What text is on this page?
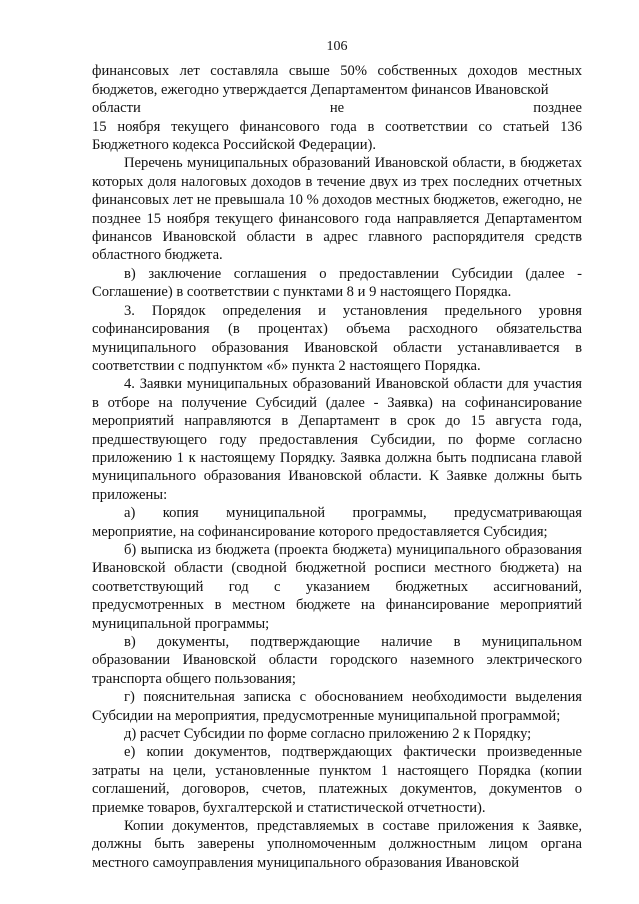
106

финансовых лет составляла свыше 50% собственных доходов местных бюджетов, ежегодно утверждается Департаментом финансов Ивановской

области	не	позднее

15 ноября текущего финансового года в соответствии со статьей 136 Бюджетного кодекса Российской Федерации).

Перечень муниципальных образований Ивановской области, в бюджетах которых доля налоговых доходов в течение двух из трех последних отчетных финансовых лет не превышала 10 % доходов местных бюджетов, ежегодно, не позднее 15 ноября текущего финансового года направляется Департаментом финансов Ивановской области в адрес главного распорядителя средств областного бюджета.

в) заключение соглашения о предоставлении Субсидии (далее - Соглашение) в соответствии с пунктами 8 и 9 настоящего Порядка.

3. Порядок определения и установления предельного уровня софинансирования (в процентах) объема расходного обязательства муниципального образования Ивановской области устанавливается в соответствии с подпунктом «б» пункта 2 настоящего Порядка.

4. Заявки муниципальных образований Ивановской области для участия в отборе на получение Субсидий (далее - Заявка) на софинансирование мероприятий направляются в Департамент в срок до 15 августа года, предшествующего году предоставления Субсидии, по форме согласно приложению 1 к настоящему Порядку. Заявка должна быть подписана главой муниципального образования Ивановской области. К Заявке должны быть приложены:

а) копия муниципальной программы, предусматривающая

мероприятие, на софинансирование которого предоставляется Субсидия;

б) выписка из бюджета (проекта бюджета) муниципального образования Ивановской области (сводной бюджетной росписи местного бюджета) на соответствующий год с указанием бюджетных ассигнований, предусмотренных в местном бюджете на финансирование мероприятий муниципальной программы;

в) документы, подтверждающие наличие в муниципальном

образовании Ивановской области городского наземного электрического транспорта общего пользования;

г) пояснительная записка с обоснованием необходимости выделения Субсидии на мероприятия, предусмотренные муниципальной программой;

д) расчет Субсидии по форме согласно приложению 2 к Порядку;

е) копии документов, подтверждающих фактически произведенные затраты на цели, установленные пунктом 1 настоящего Порядка (копии соглашений, договоров, счетов, платежных документов, документов о приемке товаров, бухгалтерской и статистической отчетности).

Копии документов, представляемых в составе приложения к Заявке, должны быть заверены уполномоченным должностным лицом органа местного самоуправления муниципального образования Ивановской
